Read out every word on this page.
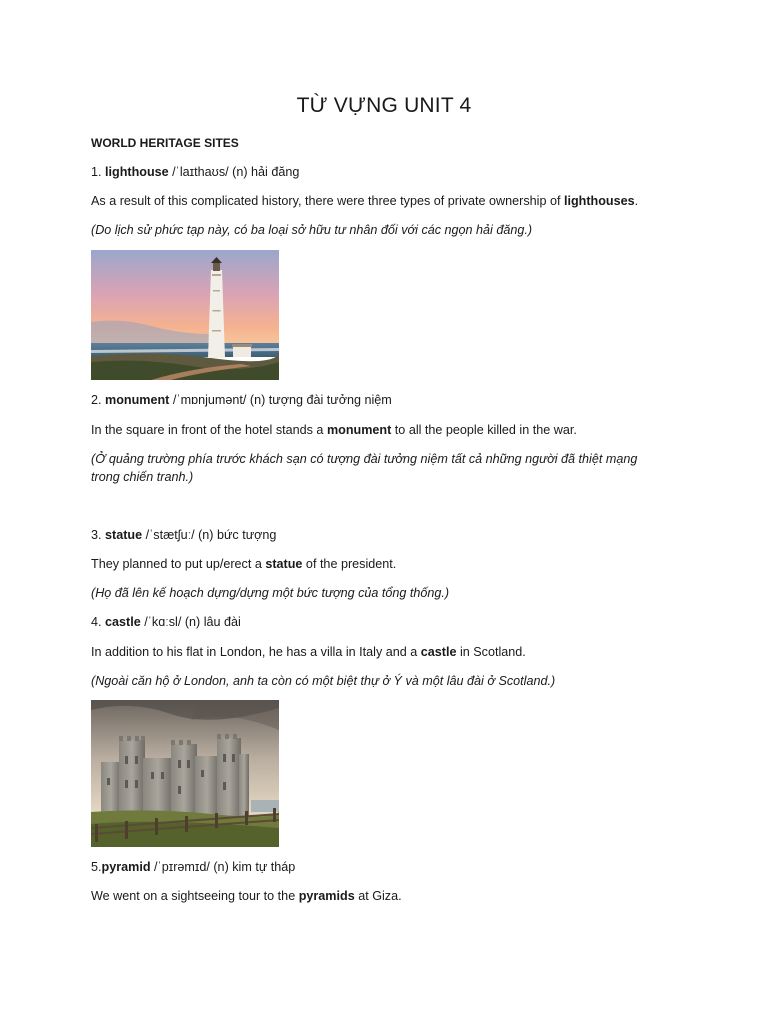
TỪ VỰNG UNIT 4

WORLD HERITAGE SITES

1. lighthouse /ˈlaɪthaʊs/ (n) hải đăng

As a result of this complicated history, there were three types of private ownership of lighthouses.

(Do lịch sử phức tạp này, có ba loại sở hữu tư nhân đối với các ngọn hải đăng.)

2. monument /ˈmɒnjumənt/ (n) tượng đài tưởng niệm

In the square in front of the hotel stands a monument to all the people killed in the war.

(Ở quảng trường phía trước khách sạn có tượng đài tưởng niệm tất cả những người đã thiệt mạng trong chiến tranh.)

3. statue /ˈstætʃuː/ (n) bức tượng

They planned to put up/erect a statue of the president.

(Họ đã lên kế hoạch dựng/dựng một bức tượng của tổng thống.)

4. castle /ˈkɑːsl/ (n) lâu đài

In addition to his flat in London, he has a villa in Italy and a castle in Scotland.

(Ngoài căn hộ ở London, anh ta còn có một biệt thự ở Ý và một lâu đài ở Scotland.)

5.pyramid /ˈpɪrəmɪd/ (n) kim tự tháp

We went on a sightseeing tour to the pyramids at Giza.
